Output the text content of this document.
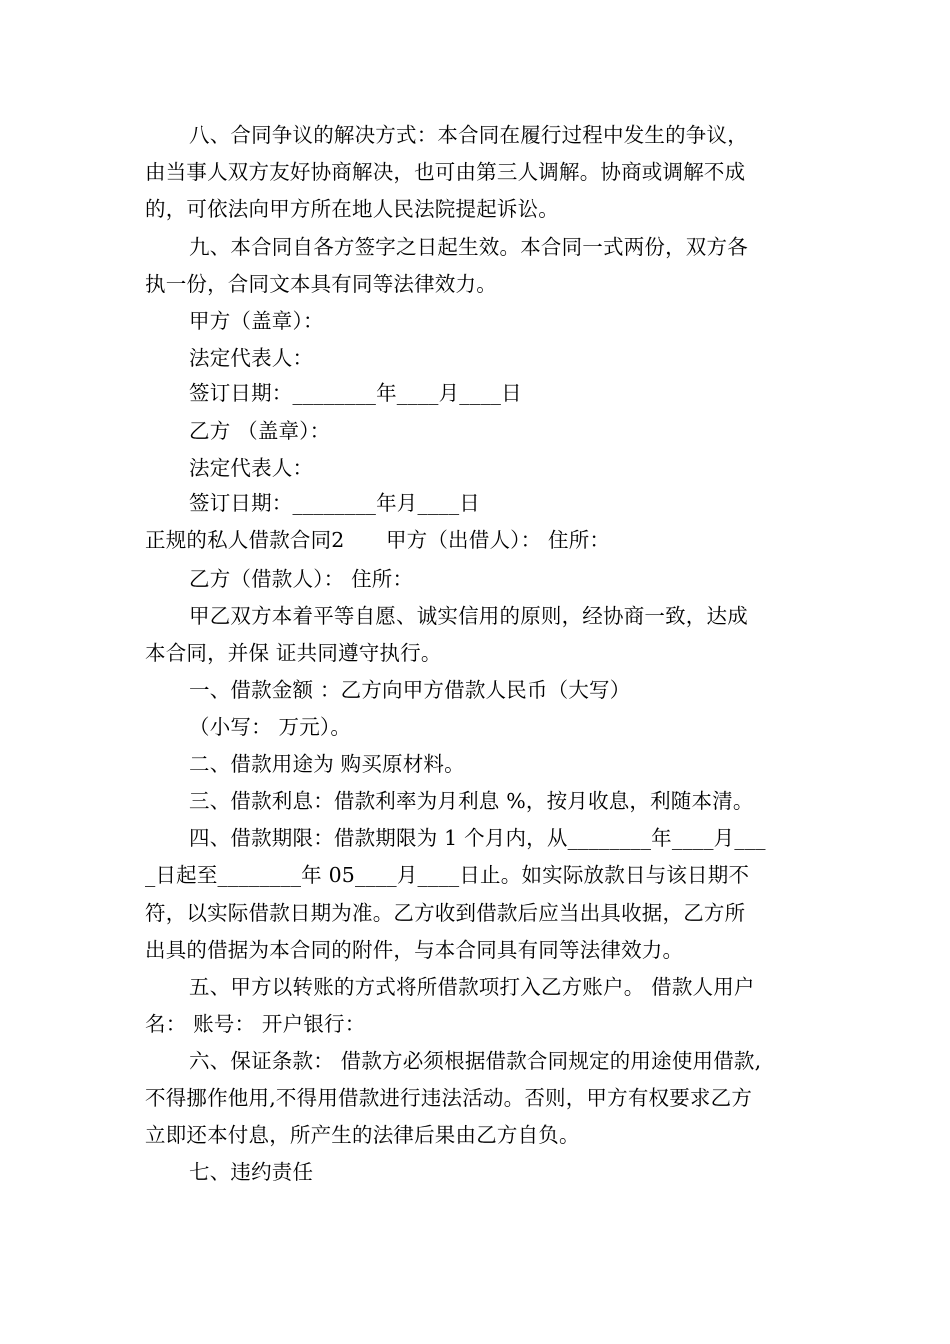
八、合同争议的解决方式：本合同在履行过程中发生的争议，

由当事人双方友好协商解决，也可由第三人调解。协商或调解不成

的，可依法向甲方所在地人民法院提起诉讼。

九、本合同自各方签字之日起生效。本合同一式两份，双方各

执一份，合同文本具有同等法律效力。

甲方（盖章）：

法定代表人：

签订日期：________年____月____日

乙方 （盖章）：

法定代表人：

签订日期：________年月____日

正规的私人借款合同2　　甲方（出借人）： 住所：

乙方（借款人）： 住所：

甲乙双方本着平等自愿、诚实信用的原则，经协商一致，达成

本合同，并保 证共同遵守执行。

一、借款金额 ：乙方向甲方借款人民币（大写）

（小写： 万元）。

二、借款用途为 购买原材料。

三、借款利息：借款利率为月利息 %，按月收息，利随本清。

四、借款期限：借款期限为 1 个月内，从________年____月___

_日起至________年 05____月____日止。如实际放款日与该日期不

符，以实际借款日期为准。乙方收到借款后应当出具收据，乙方所

出具的借据为本合同的附件，与本合同具有同等法律效力。

五、甲方以转账的方式将所借款项打入乙方账户。 借款人用户

名： 账号： 开户银行：

六、保证条款： 借款方必须根据借款合同规定的用途使用借款,

不得挪作他用,不得用借款进行违法活动。否则，甲方有权要求乙方

立即还本付息，所产生的法律后果由乙方自负。

七、违约责任
